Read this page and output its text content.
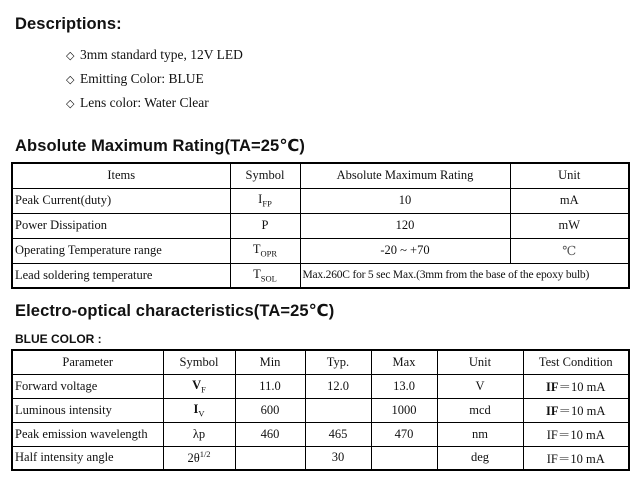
Descriptions:
◇ 3mm standard type, 12V LED
◇ Emitting Color: BLUE
◇ Lens color: Water Clear
Absolute Maximum Rating(TA=25℃)
Items	Symbol	Absolute Maximum Rating	Unit
Peak Current(duty)	$I_{FP}$	10	mA
Power Dissipation	P	120	mW
Operating Temperature range	$T_{OPR}$	-20 ~ +70	℃
Lead soldering temperature	$T_{SOL}$	Max.260C for 5 sec Max.(3mm from the base of the epoxy bulb)	
Electro-optical characteristics(TA=25℃)
BLUE COLOR :
Parameter	Symbol	Min	Typ.	Max	Unit	Test Condition
Forward voltage	$V_F$	11.0	12.0	13.0	V	IF＝10 mA
Luminous intensity	$I_V$	600		1000	mcd	IF＝10 mA
Peak emission wavelength	λp	460	465	470	nm	IF＝10 mA
Half intensity angle	$2\theta^{1/2}$		30		deg	IF＝10 mA
